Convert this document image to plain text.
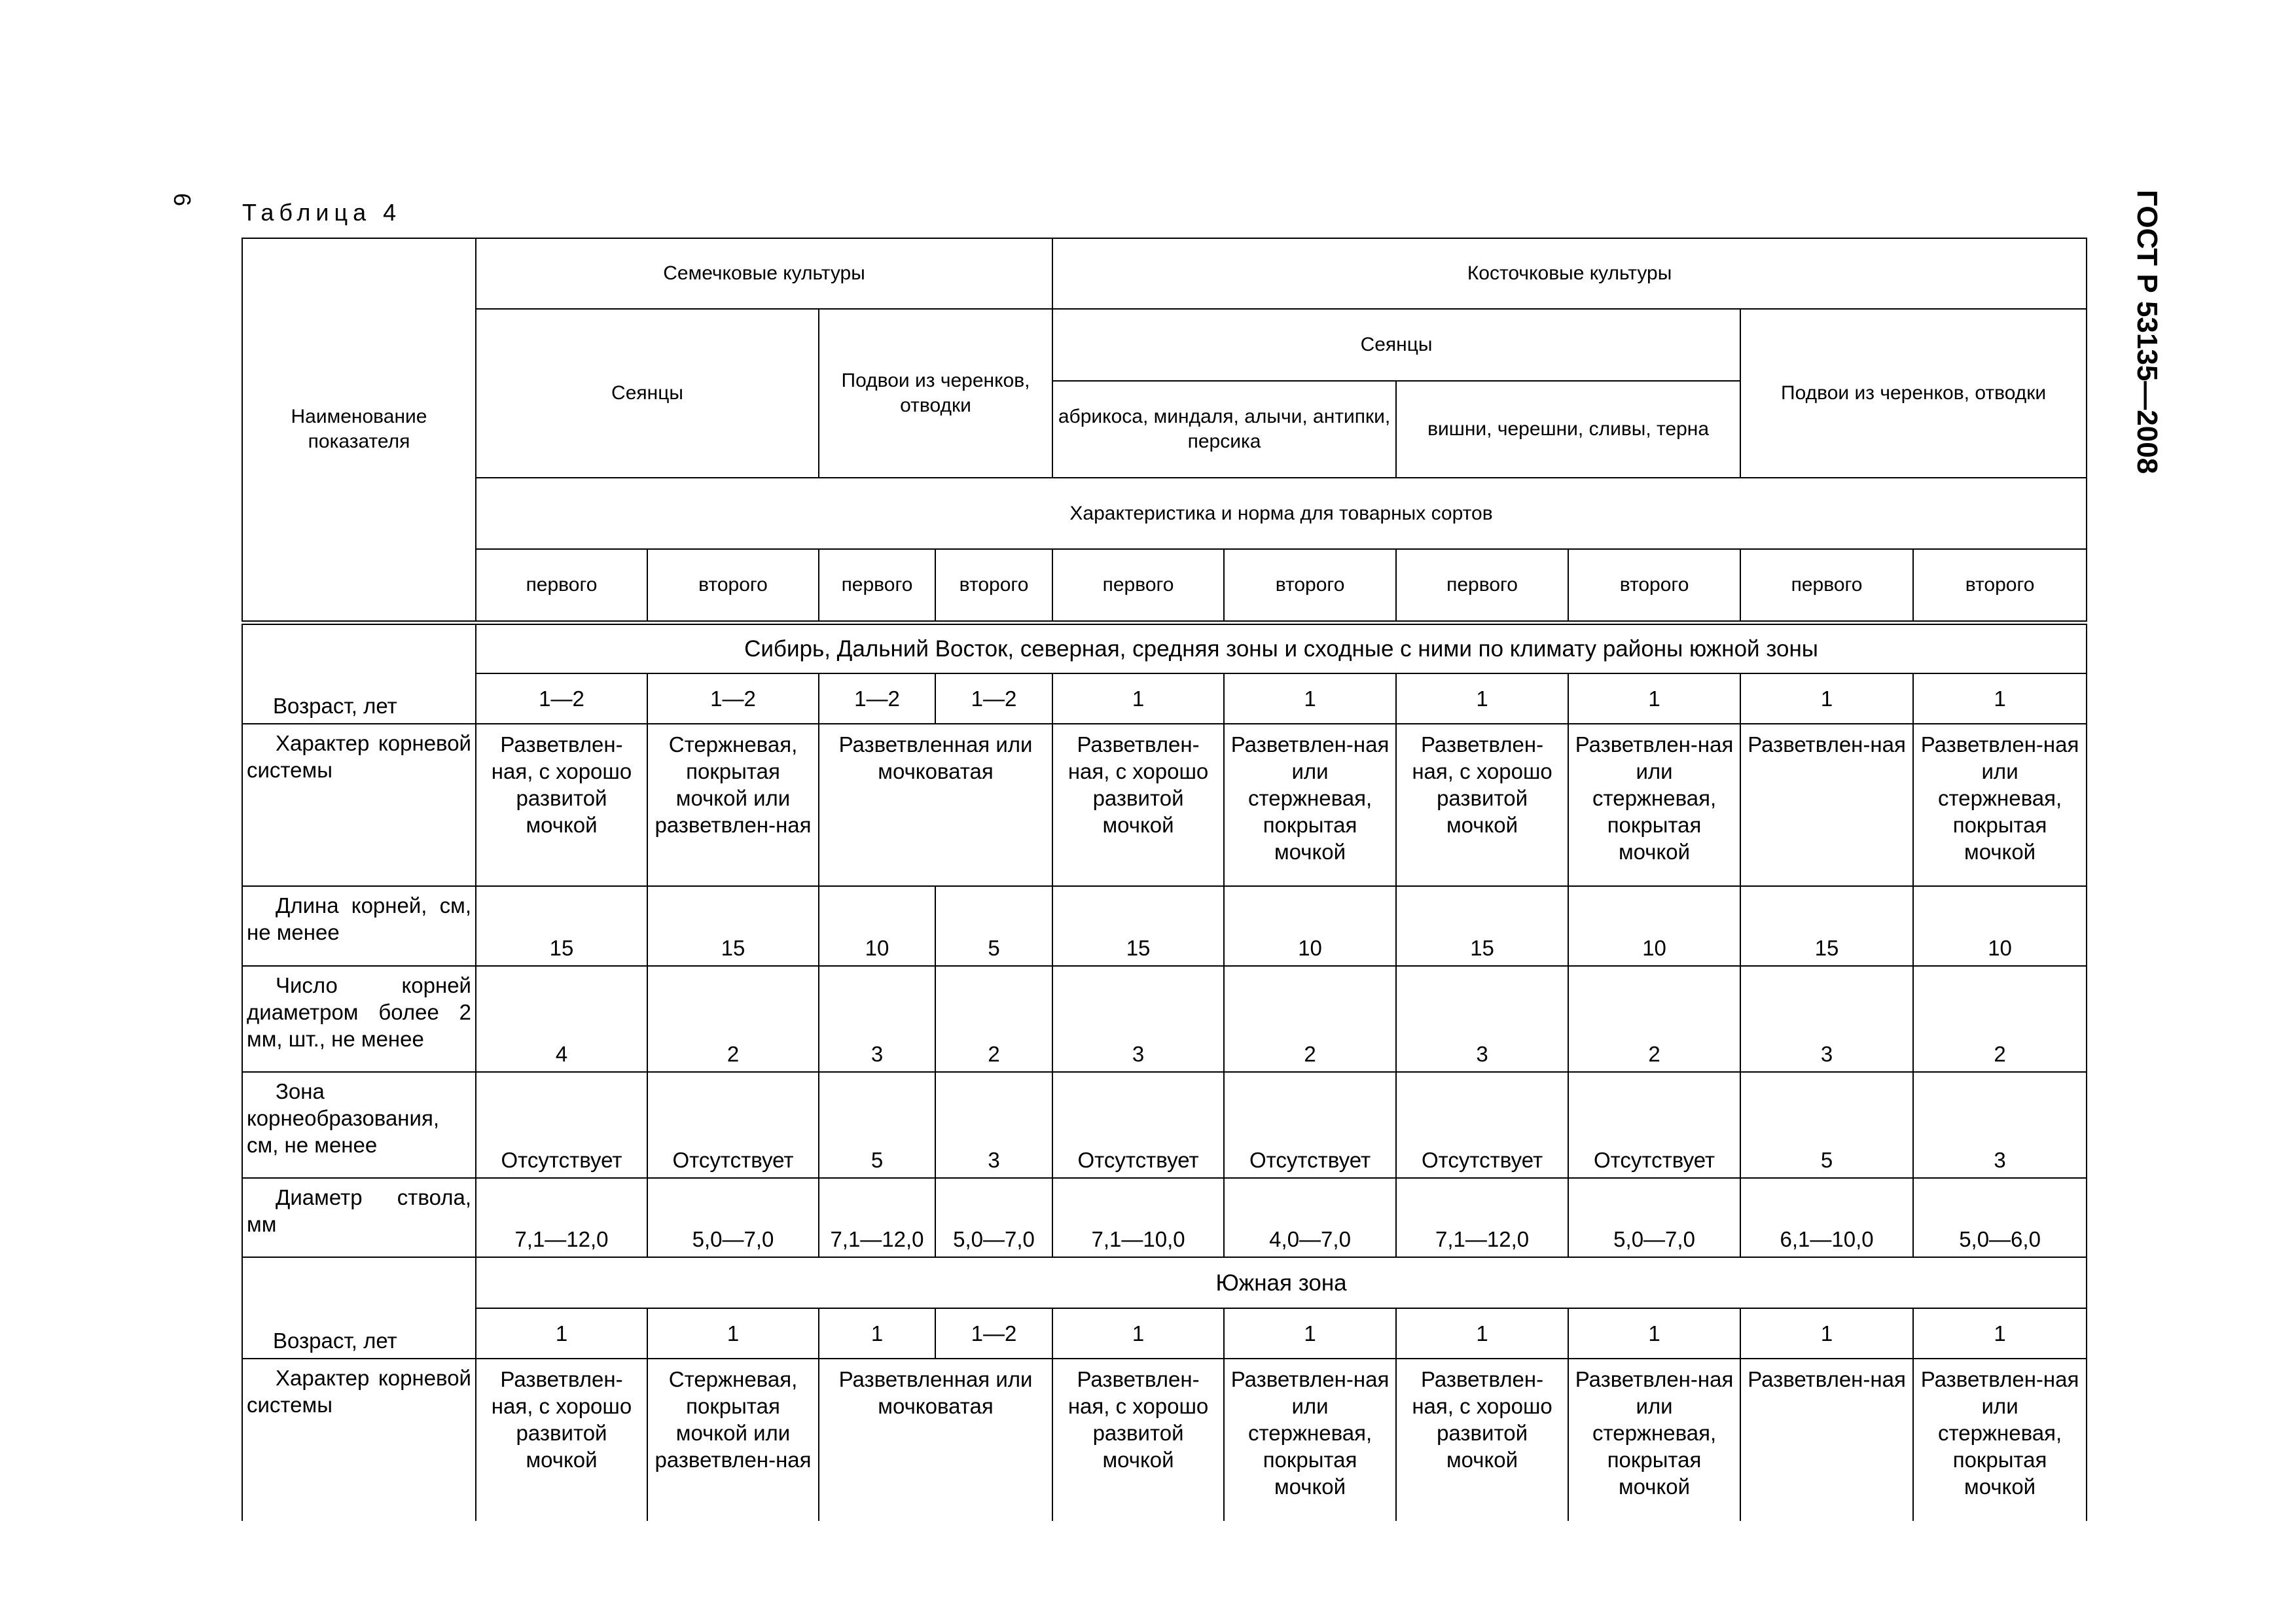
6 Таблица 4	ГОСТ Р 53135—2008
Наименование показателя	Семечковые культуры				Косточковые культуры					
	Сеянцы		Подвои из черенков, отводки		Сеянцы				Подвои из черенков, отводки	
					абрикоса, миндаля, алычи, антипки, персика		вишни, черешни, сливы, терна			
	Характеристика и норма для товарных сортов									
	первого	второго	первого	второго	первого	второго	первого	второго	первого	второго
Возраст, лет	Сибирь, Дальний Восток, северная, средняя зоны и сходные с ними по климату районы южной зоны									
	1—2	1—2	1—2	1—2	1	1	1	1	1	1

Характер корневой системы	Разветвлен-ная, с хорошо развитой мочкой	Стержневая, покрытая мочкой или разветвлен-ная	Разветвленная или мочковатая		Разветвлен-ная, с хорошо развитой мочкой	Разветвлен-ная или стержневая, покрытая мочкой	Разветвлен-ная, с хорошо развитой мочкой	Разветвлен-ная или стержневая, покрытая мочкой	Разветвлен-ная	Разветвлен-ная или стержневая, покрытая мочкой

Длина корней, см, не менее	15	15	10	5	15	10	15	10	15	10

Число корней диаметром более 2 мм, шт., не менее	4	2	3	2	3	2	3	2	3	2

Зона корнеобразования, см, не менее	Отсутствует	Отсутствует	5	3	Отсутствует	Отсутствует	Отсутствует	Отсутствует	5	3

Диаметр ствола, мм	7,1—12,0	5,0—7,0	7,1—12,0	5,0—7,0	7,1—10,0	4,0—7,0	7,1—12,0	5,0—7,0	6,1—10,0	5,0—6,0
Возраст, лет	Южная зона									
	1	1	1	1—2	1	1	1	1	1	1

Характер корневой системы	Разветвлен-ная, с хорошо развитой мочкой	Стержневая, покрытая мочкой или разветвлен-ная	Разветвленная или мочковатая		Разветвлен-ная, с хорошо развитой мочкой	Разветвлен-ная или стержневая, покрытая мочкой	Разветвлен-ная, с хорошо развитой мочкой	Разветвлен-ная или стержневая, покрытая мочкой	Разветвлен-ная	Разветвлен-ная или стержневая, покрытая мочкой
